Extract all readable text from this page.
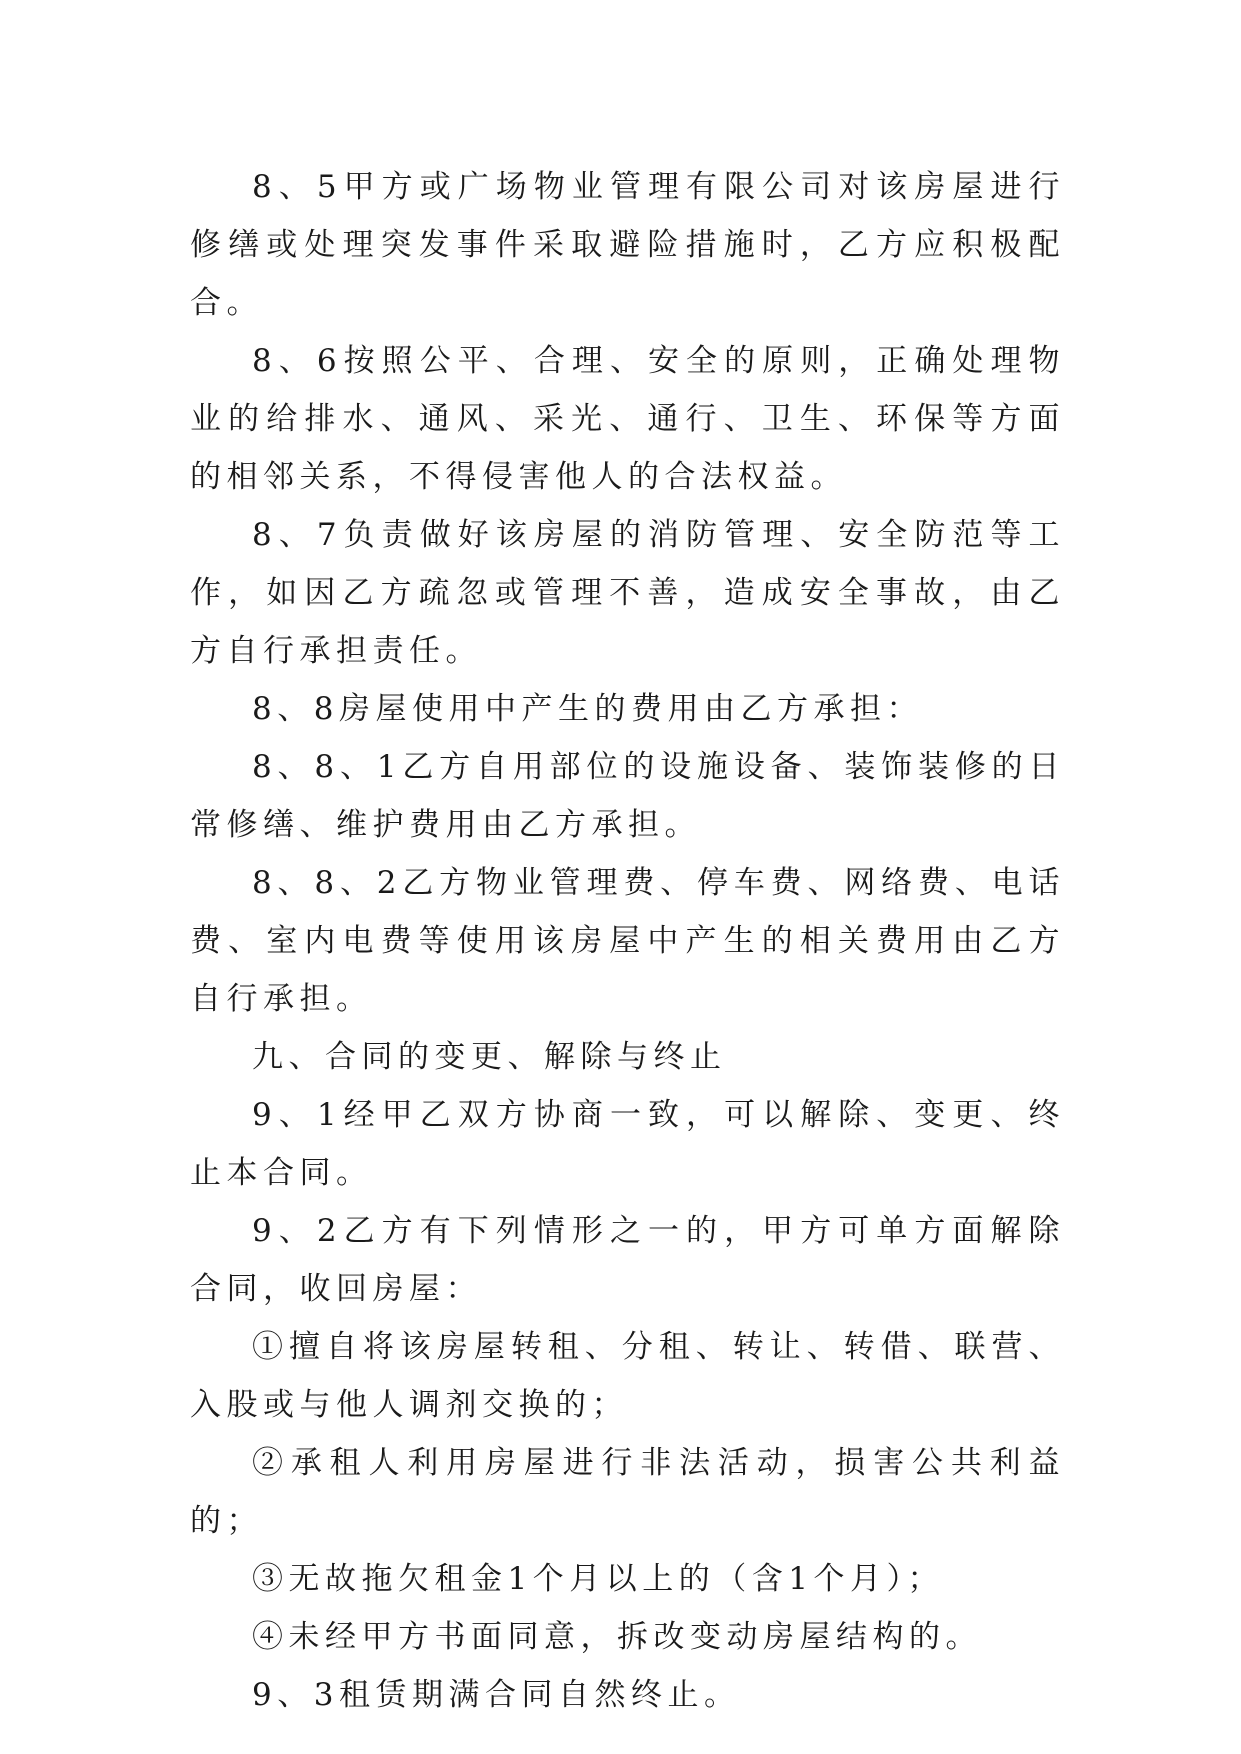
8、5甲方或广场物业管理有限公司对该房屋进行修缮或处理突发事件采取避险措施时，乙方应积极配合。

8、6按照公平、合理、安全的原则，正确处理物业的给排水、通风、采光、通行、卫生、环保等方面的相邻关系，不得侵害他人的合法权益。

8、7负责做好该房屋的消防管理、安全防范等工作，如因乙方疏忽或管理不善，造成安全事故，由乙方自行承担责任。

8、8房屋使用中产生的费用由乙方承担：

8、8、1乙方自用部位的设施设备、装饰装修的日常修缮、维护费用由乙方承担。

8、8、2乙方物业管理费、停车费、网络费、电话费、室内电费等使用该房屋中产生的相关费用由乙方自行承担。

九、合同的变更、解除与终止

9、1经甲乙双方协商一致，可以解除、变更、终止本合同。

9、2乙方有下列情形之一的，甲方可单方面解除合同，收回房屋：

①擅自将该房屋转租、分租、转让、转借、联营、入股或与他人调剂交换的；

②承租人利用房屋进行非法活动，损害公共利益的；

③无故拖欠租金1个月以上的（含1个月）；

④未经甲方书面同意，拆改变动房屋结构的。

9、3租赁期满合同自然终止。
